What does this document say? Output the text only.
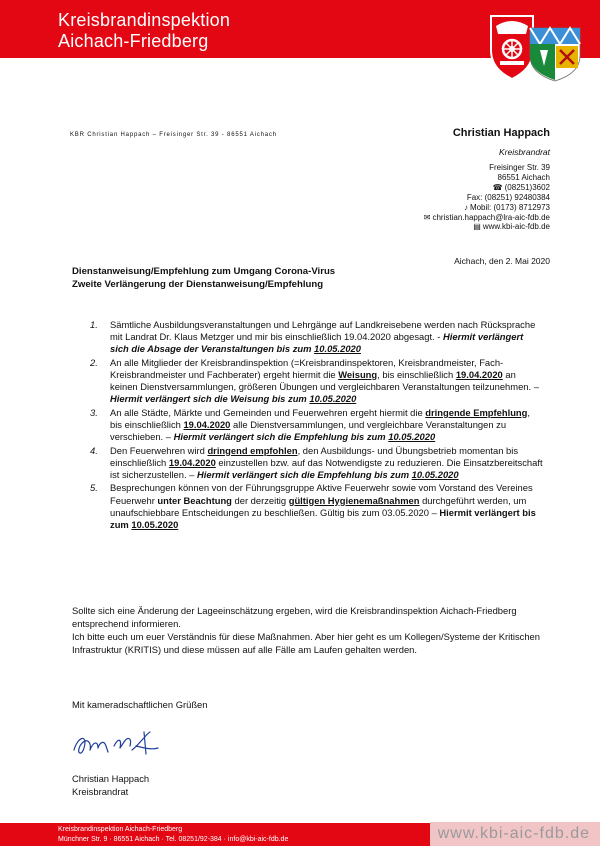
Kreisbrandinspektion
Aichach-Friedberg
KBR Christian Happach – Freisinger Str. 39 - 86551 Aichach	Christian Happach
Kreisbrandrat
Freisinger Str. 39
86551 Aichach
☎ (08251)3602
Fax: (08251) 92480384
♪ Mobil: (0173) 8712973
✉ christian.happach@lra-aic-fdb.de
▤ www.kbi-aic-fdb.de
Aichach, den 2. Mai 2020
Dienstanweisung/Empfehlung zum Umgang Corona-Virus
Zweite Verlängerung der Dienstanweisung/Empfehlung
1. Sämtliche Ausbildungsveranstaltungen und Lehrgänge auf Landkreisebene werden nach Rücksprache mit Landrat Dr. Klaus Metzger und mir bis einschließlich 19.04.2020 abgesagt. - Hiermit verlängert sich die Absage der Veranstaltungen bis zum 10.05.2020
2. An alle Mitglieder der Kreisbrandinspektion (=Kreisbrandinspektoren, Kreisbrandmeister, Fach-Kreisbrandmeister und Fachberater) ergeht hiermit die Weisung, bis einschließlich 19.04.2020 an keinen Dienstversammlungen, größeren Übungen und vergleichbaren Veranstaltungen teilzunehmen. – Hiermit verlängert sich die Weisung bis zum 10.05.2020
3. An alle Städte, Märkte und Gemeinden und Feuerwehren ergeht hiermit die dringende Empfehlung, bis einschließlich 19.04.2020 alle Dienstversammlungen, und vergleichbare Veranstaltungen zu verschieben. – Hiermit verlängert sich die Empfehlung bis zum 10.05.2020
4. Den Feuerwehren wird dringend empfohlen, den Ausbildungs- und Übungsbetrieb momentan bis einschließlich 19.04.2020 einzustellen bzw. auf das Notwendigste zu reduzieren. Die Einsatzbereitschaft ist sicherzustellen. – Hiermit verlängert sich die Empfehlung bis zum 10.05.2020
5. Besprechungen können von der Führungsgruppe Aktive Feuerwehr sowie vom Vorstand des Vereines Feuerwehr unter Beachtung der derzeitig gültigen Hygienemaßnahmen durchgeführt werden, um unaufschiebbare Entscheidungen zu beschließen. Gültig bis zum 03.05.2020 – Hiermit verlängert bis zum 10.05.2020
Sollte sich eine Änderung der Lageeinschätzung ergeben, wird die Kreisbrandinspektion Aichach-Friedberg entsprechend informieren.
Ich bitte euch um euer Verständnis für diese Maßnahmen. Aber hier geht es um Kollegen/Systeme der Kritischen Infrastruktur (KRITIS) und diese müssen auf alle Fälle am Laufen gehalten werden.
Mit kameradschaftlichen Grüßen
Christian Happach
Kreisbrandrat
Kreisbrandinspektion Aichach-Friedberg
Münchner Str. 9 · 86551 Aichach · Tel. 08251/92-384 · info@kbi-aic-fdb.de	www.kbi-aic-fdb.de
